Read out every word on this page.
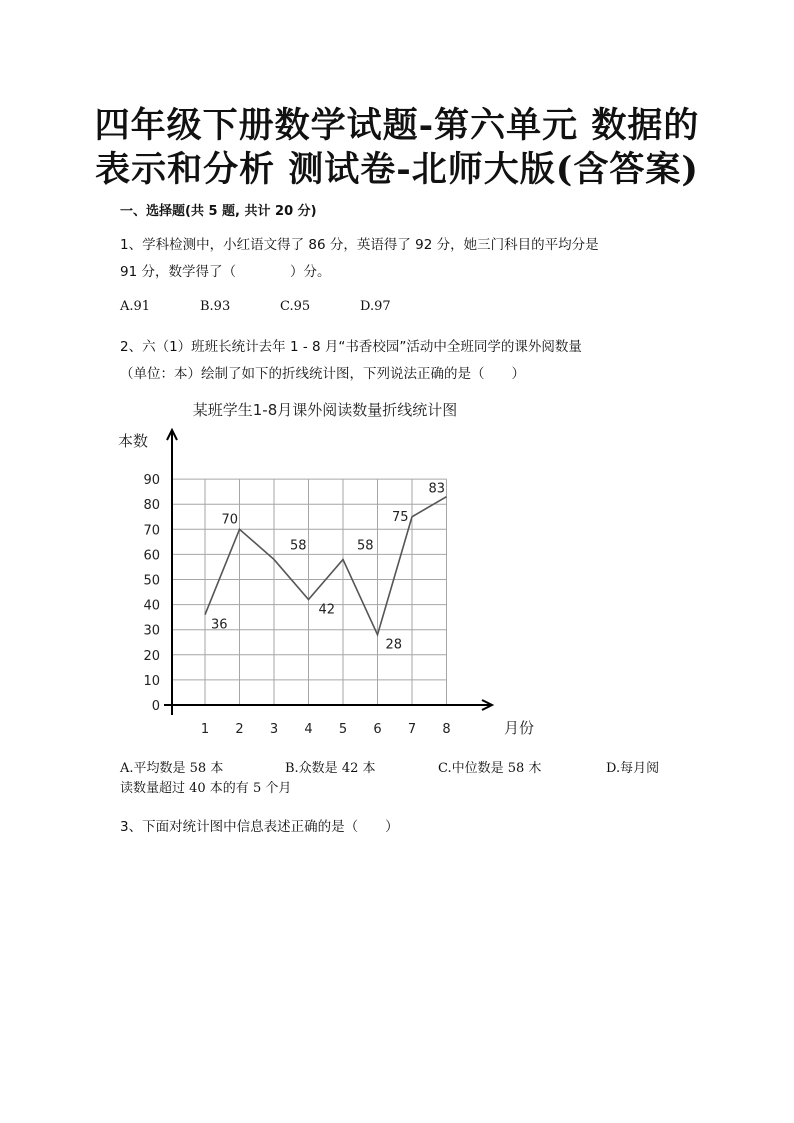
四年级下册数学试题-第六单元 数据的
表示和分析 测试卷-北师大版(含答案)
一、选择题(共 5 题, 共计 20 分)
1、学科检测中，小红语文得了 86 分，英语得了 92 分，她三门科目的平均分是
91 分，数学得了（　　　　）分。
A.91	B.93	C.95	D.97
2、六（1）班班长统计去年 1 - 8 月“书香校园”活动中全班同学的课外阅数量
（单位：本）绘制了如下的折线统计图，下列说法正确的是（　　）
某班学生1-8月课外阅读数量折线统计图
本数
月份
0
10
20
30
40
50
60
70
80
90
1 2 3 4 5 6 7 8
36
70
58
42
58
28
75
83
A.平均数是 58 本	B.众数是 42 本	C.中位数是 58 木	D.每月阅
读数量超过 40 本的有 5 个月
3、下面对统计图中信息表述正确的是（　　）
